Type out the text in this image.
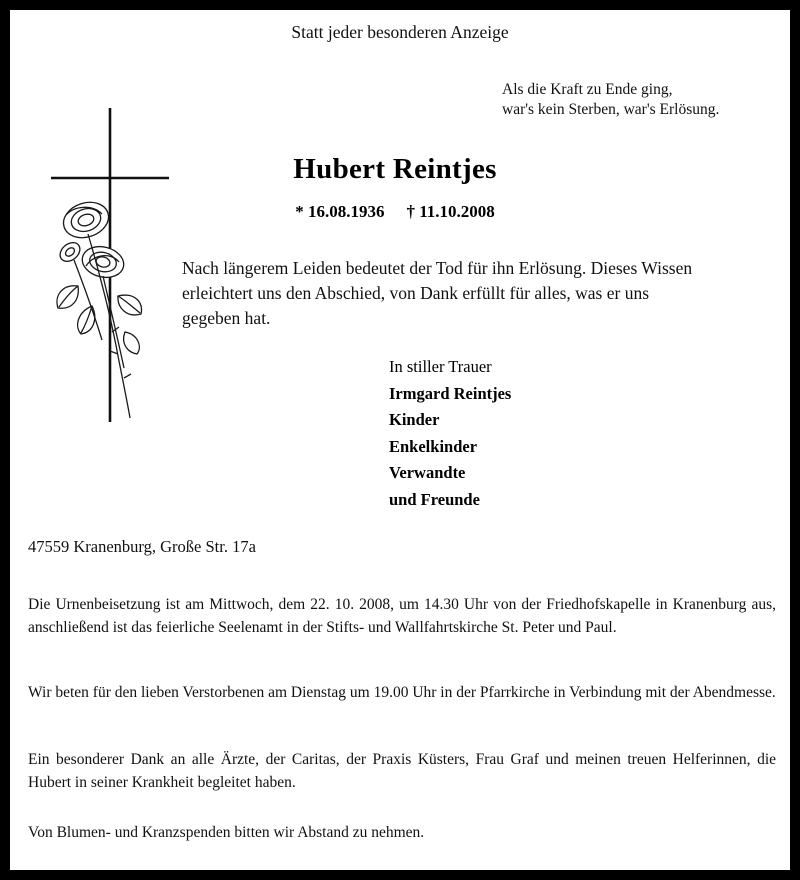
Statt jeder besonderen Anzeige
Als die Kraft zu Ende ging,
war's kein Sterben, war's Erlösung.
Hubert Reintjes
* 16.08.1936 † 11.10.2008
Nach längerem Leiden bedeutet der Tod für ihn Erlösung. Dieses Wissen erleichtert uns den Abschied, von Dank erfüllt für alles, was er uns gegeben hat.
In stiller Trauer
Irmgard Reintjes
Kinder
Enkelkinder
Verwandte
und Freunde
47559 Kranenburg, Große Str. 17a
Die Urnenbeisetzung ist am Mittwoch, dem 22. 10. 2008, um 14.30 Uhr von der Friedhofskapelle in Kranenburg aus, anschließend ist das feierliche Seelenamt in der Stifts- und Wallfahrtskirche St. Peter und Paul.
Wir beten für den lieben Verstorbenen am Dienstag um 19.00 Uhr in der Pfarrkirche in Verbindung mit der Abendmesse.
Ein besonderer Dank an alle Ärzte, der Caritas, der Praxis Küsters, Frau Graf und meinen treuen Helferinnen, die Hubert in seiner Krankheit begleitet haben.
Von Blumen- und Kranzspenden bitten wir Abstand zu nehmen.
